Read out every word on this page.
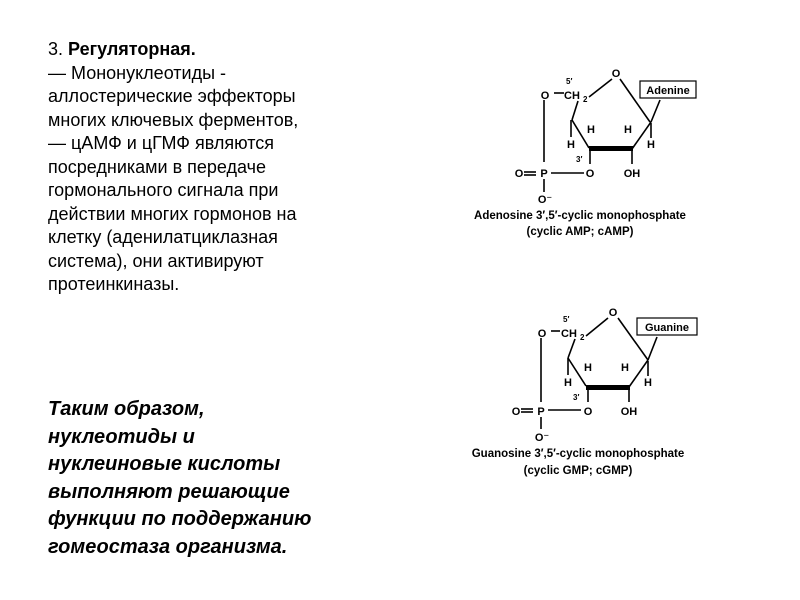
3. Регуляторная.
— Мононуклеотиды -
аллостерические эффекторы
многих ключевых ферментов,
— цАМФ и цГМФ являются
посредниками в передаче
гормонального сигнала при
действии многих гормонов на
клетку (аденилатциклазная
система), они активируют
протеинкиназы.
Таким образом,
нуклеотиды и
нуклеиновые кислоты
выполняют решающие
функции по поддержанию
гомеостаза организма.
O CH 2
5′
O
H	H
H	H
3′
O P	O	OH
O⁻
Adenine
Adenosine 3′,5′-cyclic monophosphate
(cyclic AMP; cAMP)
O CH 2
5′
O
H	H
H	H
3′
O P	O	OH
O⁻
Guanine
Guanosine 3′,5′-cyclic monophosphate
(cyclic GMP; cGMP)
